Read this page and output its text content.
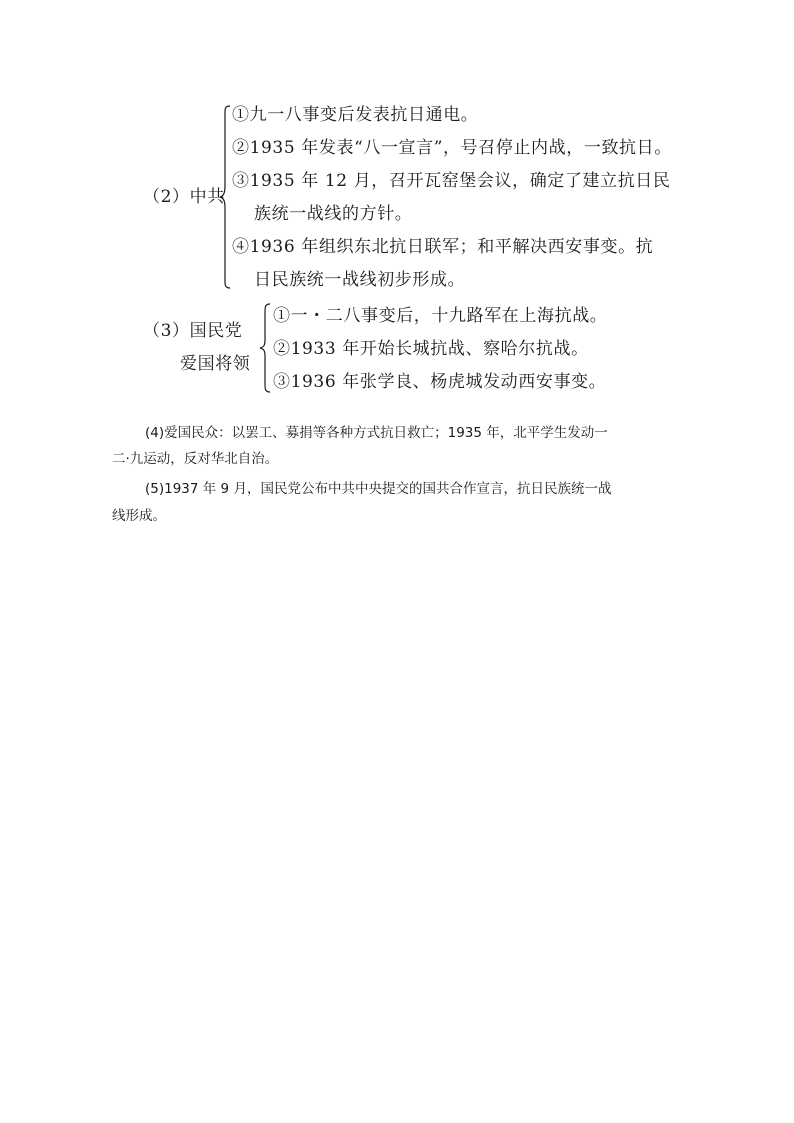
（2）中共
①九一八事变后发表抗日通电。
②1935 年发表“八一宣言”，号召停止内战，一致抗日。
③1935 年 12 月，召开瓦窑堡会议，确定了建立抗日民
族统一战线的方针。
④1936 年组织东北抗日联军；和平解决西安事变。抗
日民族统一战线初步形成。
（3）国民党
爱国将领
①一・二八事变后，十九路军在上海抗战。
②1933 年开始长城抗战、察哈尔抗战。
③1936 年张学良、杨虎城发动西安事变。
(4)爱国民众：以罢工、募捐等各种方式抗日救亡；1935 年，北平学生发动一
二·九运动，反对华北自治。
(5)1937 年 9 月，国民党公布中共中央提交的国共合作宣言，抗日民族统一战
线形成。
